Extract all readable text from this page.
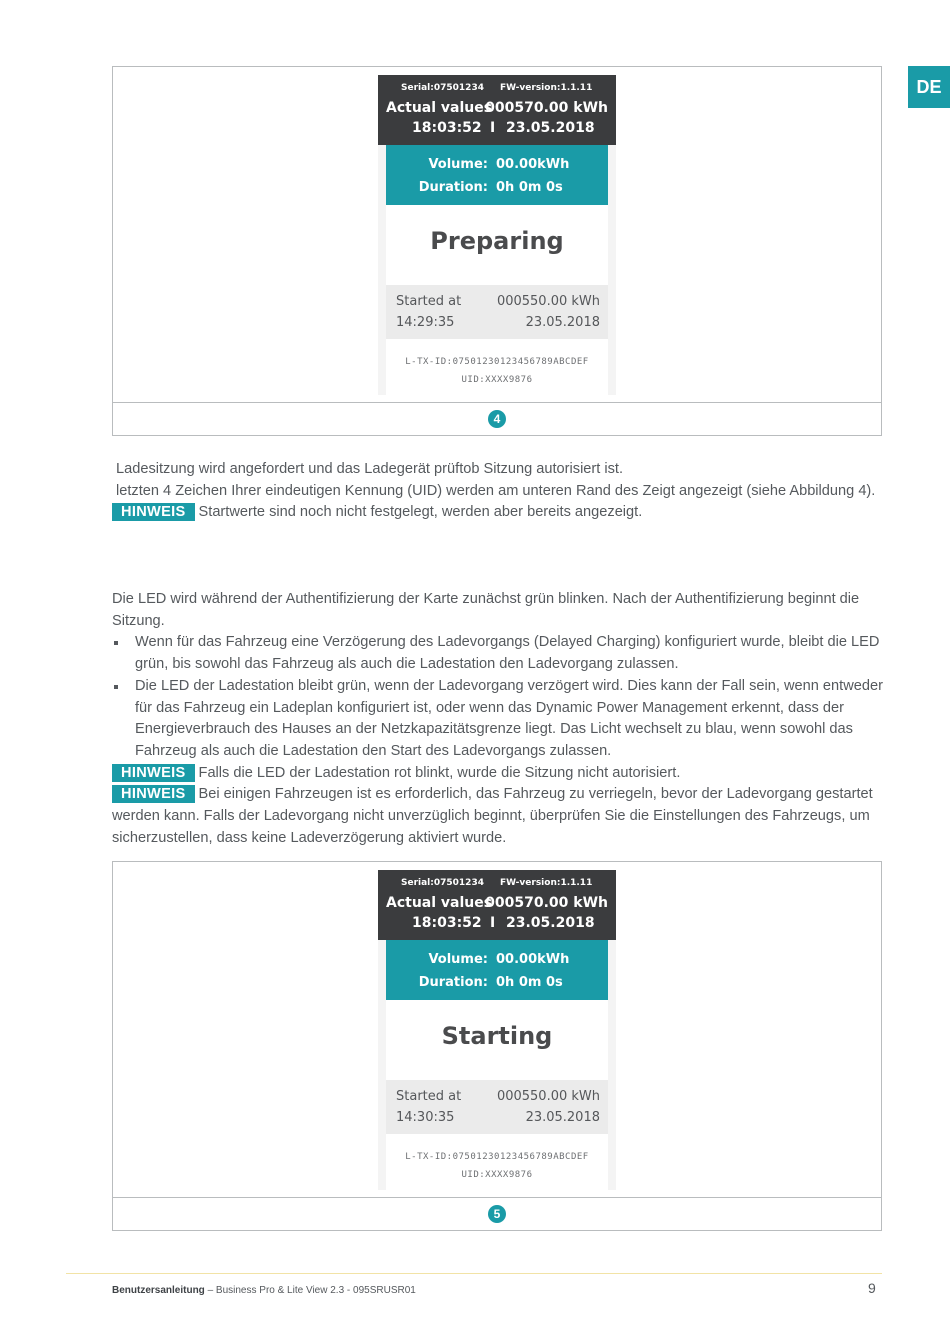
DE
Serial:07501234 FW-version:1.1.11
Actual values
000570.00 kWh
18:03:52 I 23.05.2018
Volume: 00.00kWh
Duration: 0h 0m 0s
Preparing
Started at	000550.00 kWh
14:29:35	23.05.2018
L-TX-ID:07501230123456789ABCDEF
UID:XXXX9876
4

Ladesitzung wird angefordert und das Ladegerät prüftob Sitzung autorisiert ist.

letzten 4 Zeichen Ihrer eindeutigen Kennung (UID) werden am unteren Rand des Zeigt angezeigt (siehe Abbildung 4).

HINWEIS Startwerte sind noch nicht festgelegt, werden aber bereits angezeigt.

Die LED wird während der Authentifizierung der Karte zunächst grün blinken. Nach der Authentifizierung beginnt die Sitzung.

Wenn für das Fahrzeug eine Verzögerung des Ladevorgangs (Delayed Charging) konfiguriert wurde, bleibt die LED grün, bis sowohl das Fahrzeug als auch die Ladestation den Ladevorgang zulassen.
Die LED der Ladestation bleibt grün, wenn der Ladevorgang verzögert wird. Dies kann der Fall sein, wenn entweder für das Fahrzeug ein Ladeplan konfiguriert ist, oder wenn das Dynamic Power Management erkennt, dass der Energieverbrauch des Hauses an der Netzkapazitätsgrenze liegt. Das Licht wechselt zu blau, wenn sowohl das Fahrzeug als auch die Ladestation den Start des Ladevorgangs zulassen.

HINWEIS Falls die LED der Ladestation rot blinkt, wurde die Sitzung nicht autorisiert.

HINWEIS Bei einigen Fahrzeugen ist es erforderlich, das Fahrzeug zu verriegeln, bevor der Ladevorgang gestartet werden kann. Falls der Ladevorgang nicht unverzüglich beginnt, überprüfen Sie die Einstellungen des Fahrzeugs, um sicherzustellen, dass keine Ladeverzögerung aktiviert wurde.

Serial:07501234 FW-version:1.1.11
Actual values
000570.00 kWh
18:03:52 I 23.05.2018
Volume: 00.00kWh
Duration: 0h 0m 0s
Starting
Started at	000550.00 kWh
14:30:35	23.05.2018
L-TX-ID:07501230123456789ABCDEF
UID:XXXX9876
5
Benutzersanleitung – Business Pro & Lite View 2.3 - 095SRUSR01	9
